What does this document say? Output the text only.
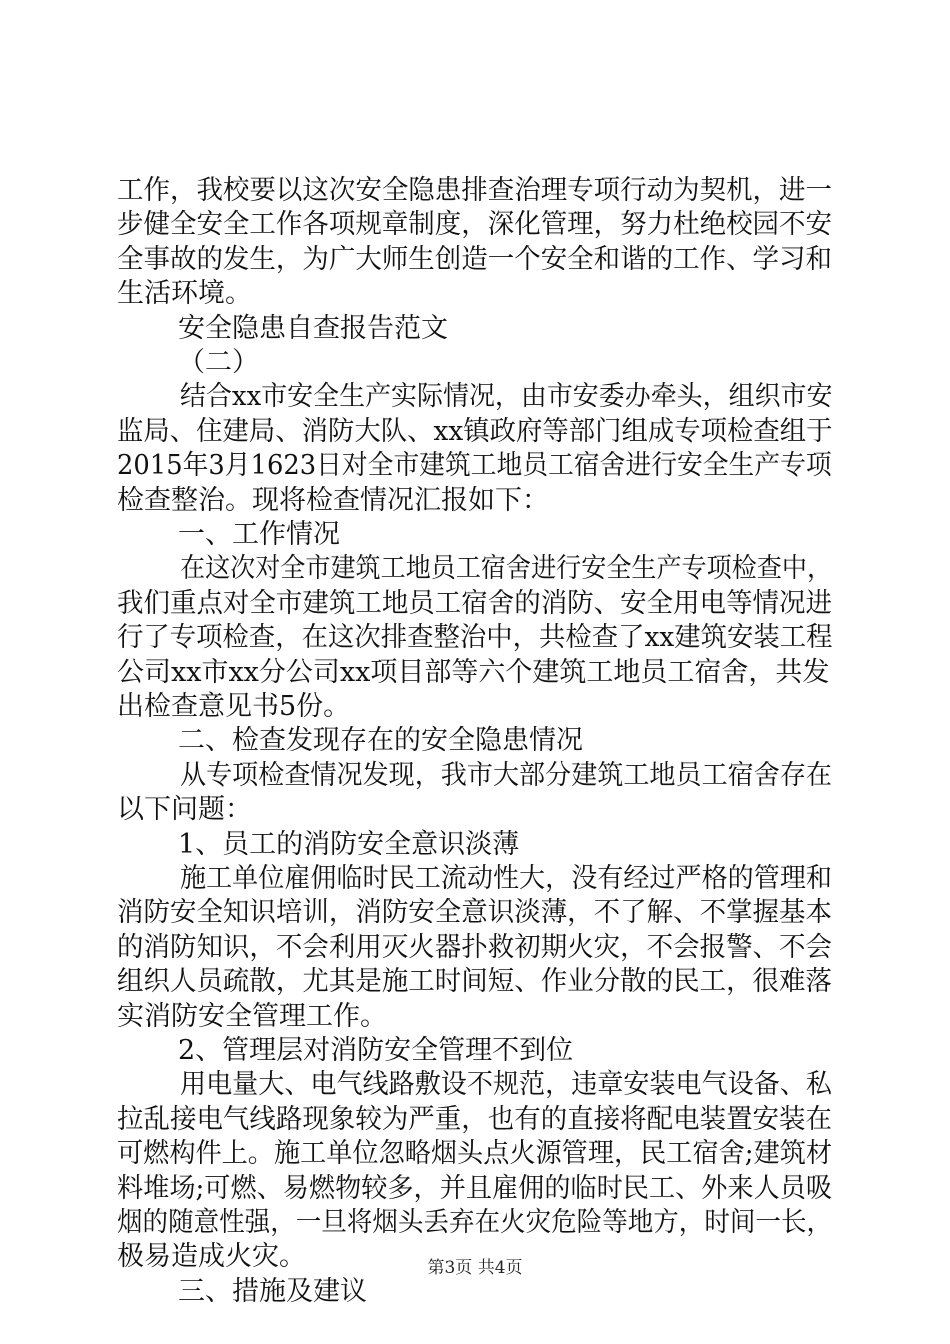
工作，我校要以这次安全隐患排查治理专项行动为契机，进一
步健全安全工作各项规章制度，深化管理，努力杜绝校园不安
全事故的发生，为广大师生创造一个安全和谐的工作、学习和
生活环境。
安全隐患自查报告范文
（二）
结合xx市安全生产实际情况，由市安委办牵头，组织市安
监局、住建局、消防大队、xx镇政府等部门组成专项检查组于
2015年3月1623日对全市建筑工地员工宿舍进行安全生产专项
检查整治。现将检查情况汇报如下：
一、工作情况
在这次对全市建筑工地员工宿舍进行安全生产专项检查中，
我们重点对全市建筑工地员工宿舍的消防、安全用电等情况进
行了专项检查，在这次排查整治中，共检查了xx建筑安装工程
公司xx市xx分公司xx项目部等六个建筑工地员工宿舍，共发
出检查意见书5份。
二、检查发现存在的安全隐患情况
从专项检查情况发现，我市大部分建筑工地员工宿舍存在
以下问题：
1、员工的消防安全意识淡薄
施工单位雇佣临时民工流动性大，没有经过严格的管理和
消防安全知识培训，消防安全意识淡薄，不了解、不掌握基本
的消防知识，不会利用灭火器扑救初期火灾，不会报警、不会
组织人员疏散，尤其是施工时间短、作业分散的民工，很难落
实消防安全管理工作。
2、管理层对消防安全管理不到位
用电量大、电气线路敷设不规范，违章安装电气设备、私
拉乱接电气线路现象较为严重，也有的直接将配电装置安装在
可燃构件上。施工单位忽略烟头点火源管理，民工宿舍;建筑材
料堆场;可燃、易燃物较多，并且雇佣的临时民工、外来人员吸
烟的随意性强，一旦将烟头丢弃在火灾危险等地方，时间一长，
极易造成火灾。
三、措施及建议
第3页 共4页
